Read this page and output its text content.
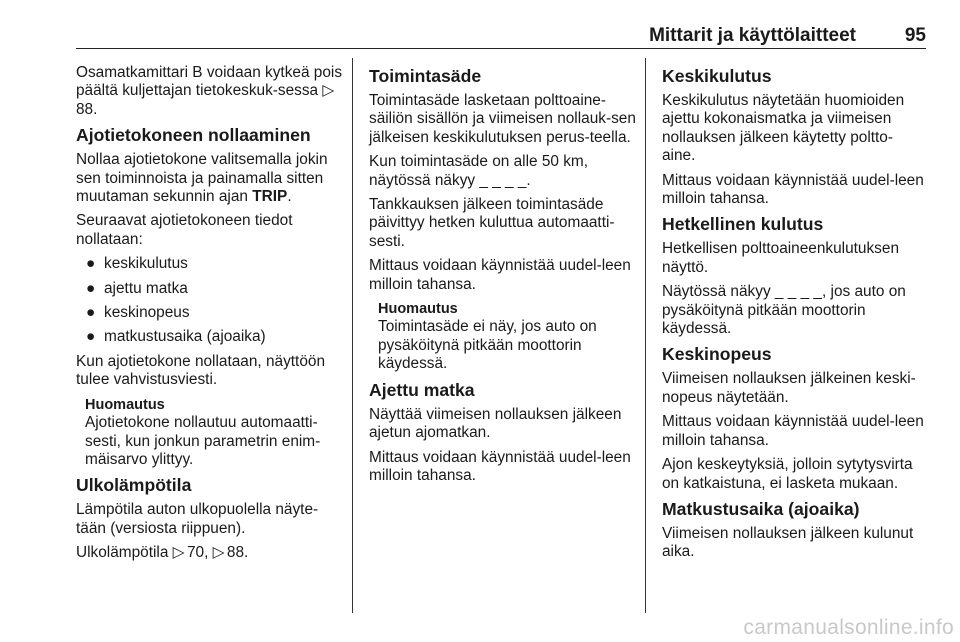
Mittarit ja käyttölaitteet	95

Osamatkamittari B voidaan kytkeä pois päältä kuljettajan tietokeskuk-sessa ▷ 88.

Ajotietokoneen nollaaminen

Nollaa ajotietokone valitsemalla jokin sen toiminnoista ja painamalla sitten muutaman sekunnin ajan TRIP.

Seuraavat ajotietokoneen tiedot nollataan:

● keskikulutus
● ajettu matka
● keskinopeus
● matkustusaika (ajoaika)

Kun ajotietokone nollataan, näyttöön tulee vahvistusviesti.

Huomautus
Ajotietokone nollautuu automaatti-sesti, kun jonkun parametrin enim-mäisarvo ylittyy.
Ulkolämpötila

Lämpötila auton ulkopuolella näyte-tään (versiosta riippuen).

Ulkolämpötila ▷ 70, ▷ 88.

Toimintasäde

Toimintasäde lasketaan polttoaine-säiliön sisällön ja viimeisen nollauk-sen jälkeisen keskikulutuksen perus-teella.

Kun toimintasäde on alle 50 km, näytössä näkyy _ _ _ _.

Tankkauksen jälkeen toimintasäde päivittyy hetken kuluttua automaatti-sesti.

Mittaus voidaan käynnistää uudel-leen milloin tahansa.

Huomautus
Toimintasäde ei näy, jos auto on pysäköitynä pitkään moottorin käydessä.
Ajettu matka

Näyttää viimeisen nollauksen jälkeen ajetun ajomatkan.

Mittaus voidaan käynnistää uudel-leen milloin tahansa.

Keskikulutus

Keskikulutus näytetään huomioiden ajettu kokonaismatka ja viimeisen nollauksen jälkeen käytetty poltto-aine.

Mittaus voidaan käynnistää uudel-leen milloin tahansa.

Hetkellinen kulutus

Hetkellisen polttoaineenkulutuksen näyttö.

Näytössä näkyy _ _ _ _, jos auto on pysäköitynä pitkään moottorin käydessä.

Keskinopeus

Viimeisen nollauksen jälkeinen keski-nopeus näytetään.

Mittaus voidaan käynnistää uudel-leen milloin tahansa.

Ajon keskeytyksiä, jolloin sytytysvirta on katkaistuna, ei lasketa mukaan.

Matkustusaika (ajoaika)

Viimeisen nollauksen jälkeen kulunut aika.

carmanualsonline.info
